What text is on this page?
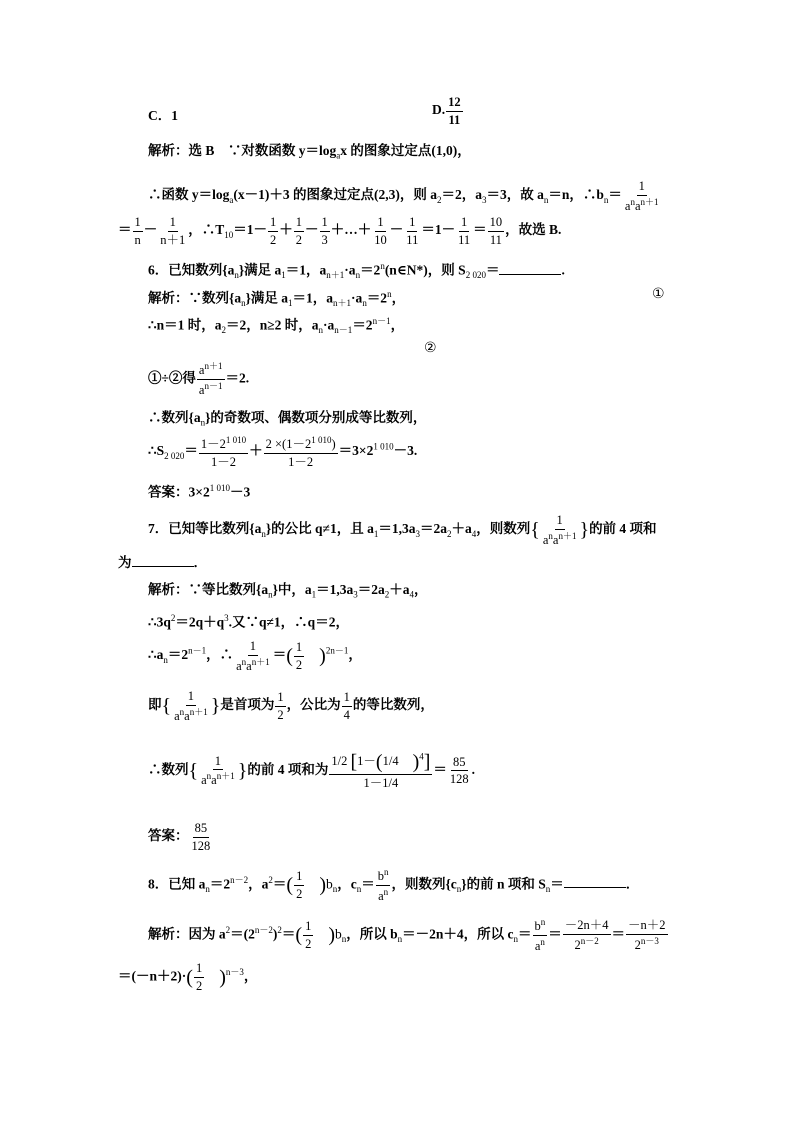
C．1	D. $\frac{12}{11}$
解析：选 B　∵对数函数 $y=\log_ax$ 的图象过定点(1,0)，
∴函数 $y=\log_a(x-1)+3$ 的图象过定点(2,3)，则 $a_2=2$，$a_3=3$，故 $a_n=n$，$\therefore b_n= \frac{1}{a^na^{n+1}}$
＝ $\frac{1}{n} - \frac{1}{n+1}$ ，$\therefore T_{10}=1- \frac{1}{2} + \frac{1}{2} - \frac{1}{3}$ ＋…＋ $\frac{1}{10} - \frac{1}{11} =1- \frac{1}{11} = \frac{10}{11}$ ，故选 B.
6．已知数列$\{a_n\}$满足 $a_1=1$，$a_{n+1}\cdot a_n=2^n(n\in N*)$，则 $S_{2 020}=$	.
解析：∵数列$\{a_n\}$满足 $a_1=1$，$a_{n+1}\cdot a_n=2^n$，	①
∴n＝1 时，$a_2=2$，n≥2 时，$a_n\cdot a_{n-1}=2^{n-1}$，
②
①÷②得 $\frac{a^{n+1}}{a^{n-1}} =2$.
∴数列$\{a_n\}$的奇数项、偶数项分别成等比数列，
$\therefore S_{2 020}= \frac{1-2^{1 010}}{1-2} + \frac{2 \times(1-2^{1 010})}{1-2} =3\times 2^{1 010}-3$.
答案：$3\times 2^{1 010}-3$
7．已知等比数列$\{a_n\}$的公比 q≠1，且 $a_1=1,3a_3=2a_2+a_4$，则数列{ $\frac{1}{a^na^{n+1}}$ }的前 4 项和
为	．
解析：∵等比数列$\{a_n\}$中，$a_1=1,3a_3=2a_2+a_4$，
$\therefore 3q^2=2q+q^3$.又∵q≠1，∴q＝2，
$\therefore a_n=2^{n-1}$，∴ $\frac{1}{a^na^{n+1}}$ ＝( $\frac{1}{2} )^{2n-1}$，
即{ $\frac{1}{a^na^{n+1}}$ }是首项为 $\frac{1}{2}$ ，公比为 $\frac{1}{4}$ 的等比数列，
∴数列{ $\frac{1}{a^na^{n+1}}$ }的前 4 项和为 $\frac{1/2 [1-(1/4 )^4]}{1-1/4} = \frac{85}{128}$ .
答案： $\frac{85}{128}$
8．已知 $a_n=2^{n-2}$，$a^2=( \frac{1}{2} )b_n$，$c_n= \frac{b^n}{a^n}$ ，则数列$\{c_n\}$的前 n 项和 $S_n=$	．
解析：因为 $a^2=(2^{n-2})^2=( \frac{1}{2} )b_n$，所以 $b_n=-2n+4$，所以 $c_n= \frac{b^n}{a^n} = \frac{-2n+4}{2^{n-2}} = \frac{-n+2}{2^{n-3}}$
$=(-n+2)\cdot( \frac{1}{2} )^{n-3}$，
